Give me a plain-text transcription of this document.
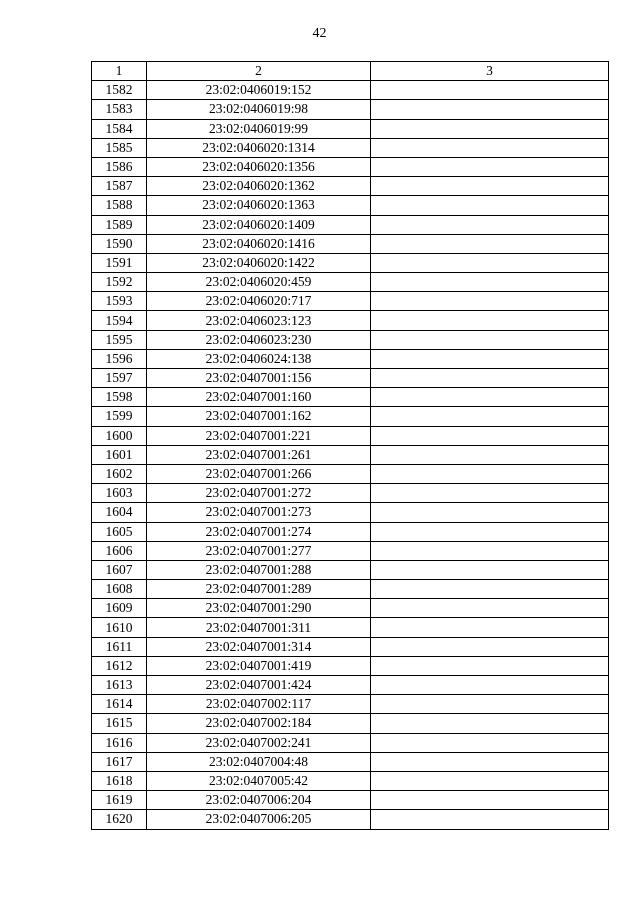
42
1	2	3
1582	23:02:0406019:152	
1583	23:02:0406019:98	
1584	23:02:0406019:99	
1585	23:02:0406020:1314	
1586	23:02:0406020:1356	
1587	23:02:0406020:1362	
1588	23:02:0406020:1363	
1589	23:02:0406020:1409	
1590	23:02:0406020:1416	
1591	23:02:0406020:1422	
1592	23:02:0406020:459	
1593	23:02:0406020:717	
1594	23:02:0406023:123	
1595	23:02:0406023:230	
1596	23:02:0406024:138	
1597	23:02:0407001:156	
1598	23:02:0407001:160	
1599	23:02:0407001:162	
1600	23:02:0407001:221	
1601	23:02:0407001:261	
1602	23:02:0407001:266	
1603	23:02:0407001:272	
1604	23:02:0407001:273	
1605	23:02:0407001:274	
1606	23:02:0407001:277	
1607	23:02:0407001:288	
1608	23:02:0407001:289	
1609	23:02:0407001:290	
1610	23:02:0407001:311	
1611	23:02:0407001:314	
1612	23:02:0407001:419	
1613	23:02:0407001:424	
1614	23:02:0407002:117	
1615	23:02:0407002:184	
1616	23:02:0407002:241	
1617	23:02:0407004:48	
1618	23:02:0407005:42	
1619	23:02:0407006:204	
1620	23:02:0407006:205	
